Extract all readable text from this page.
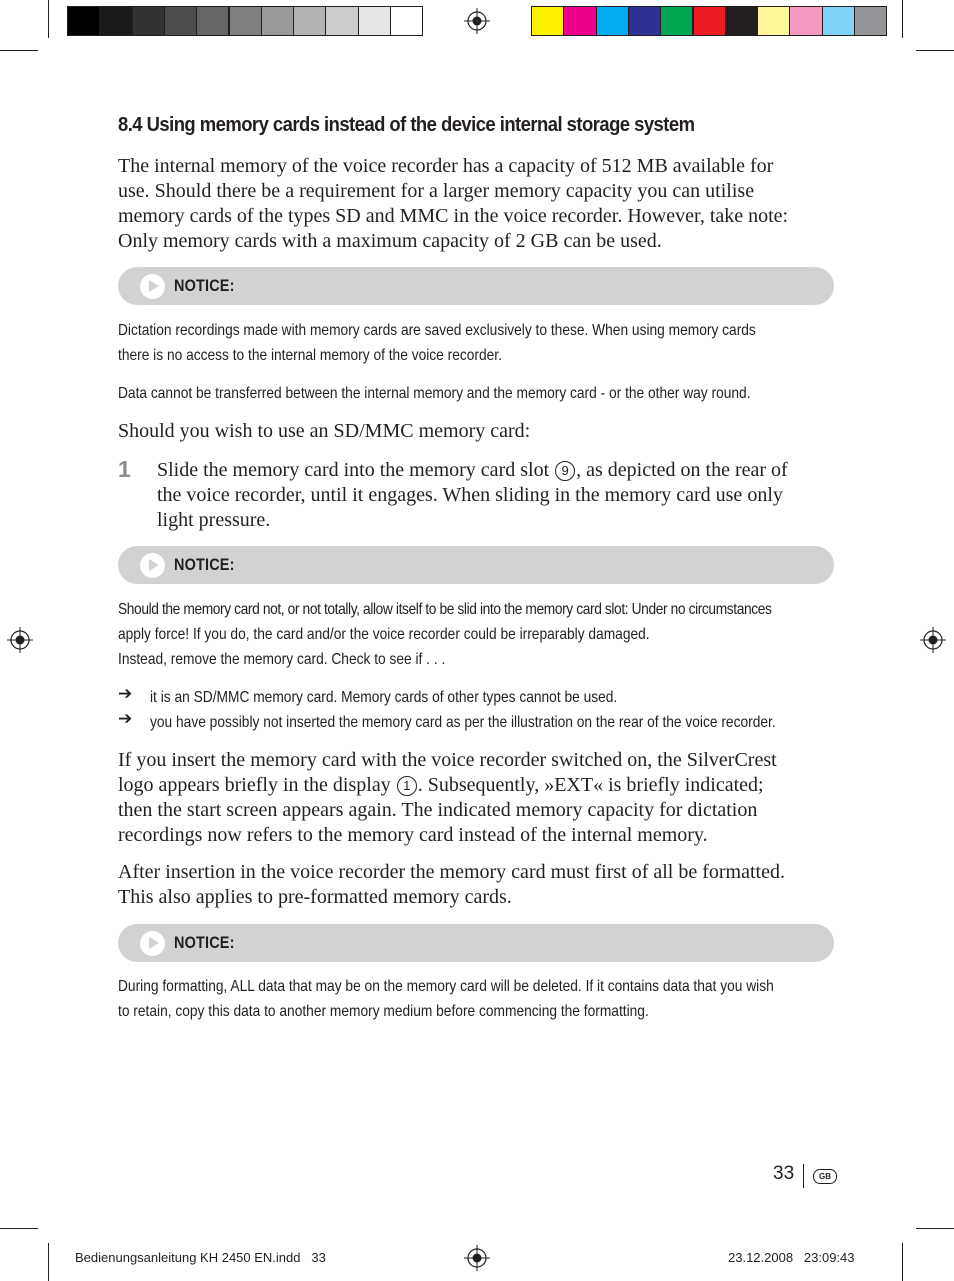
8.4 Using memory cards instead of the device internal storage system
The internal memory of the voice recorder has a capacity of 512 MB available for
use. Should there be a requirement for a larger memory capacity you can utilise
memory cards of the types SD and MMC in the voice recorder. However, take note:
Only memory cards with a maximum capacity of 2 GB can be used.
NOTICE:
Dictation recordings made with memory cards are saved exclusively to these. When using memory cards
there is no access to the internal memory of the voice recorder.
Data cannot be transferred between the internal memory and the memory card - or the other way round.
Should you wish to use an SD/MMC memory card:
1 Slide the memory card into the memory card slot 9 , as depicted on the rear of
the voice recorder, until it engages. When sliding in the memory card use only
light pressure.
NOTICE:
Should the memory card not, or not totally, allow itself to be slid into the memory card slot: Under no circumstances
apply force! If you do, the card and/or the voice recorder could be irreparably damaged.
Instead, remove the memory card. Check to see if . . .
➔ it is an SD/MMC memory card. Memory cards of other types cannot be used.
➔ you have possibly not inserted the memory card as per the illustration on the rear of the voice recorder.
If you insert the memory card with the voice recorder switched on, the SilverCrest
logo appears briefly in the display 1 . Subsequently, »EXT« is briefly indicated;
then the start screen appears again. The indicated memory capacity for dictation
recordings now refers to the memory card instead of the internal memory.
After insertion in the voice recorder the memory card must first of all be formatted.
This also applies to pre-formatted memory cards.
NOTICE:
During formatting, ALL data that may be on the memory card will be deleted. If it contains data that you wish
to retain, copy this data to another memory medium before commencing the formatting.
33	GB
Bedienungsanleitung KH 2450 EN.indd   33	23.12.2008   23:09:43
